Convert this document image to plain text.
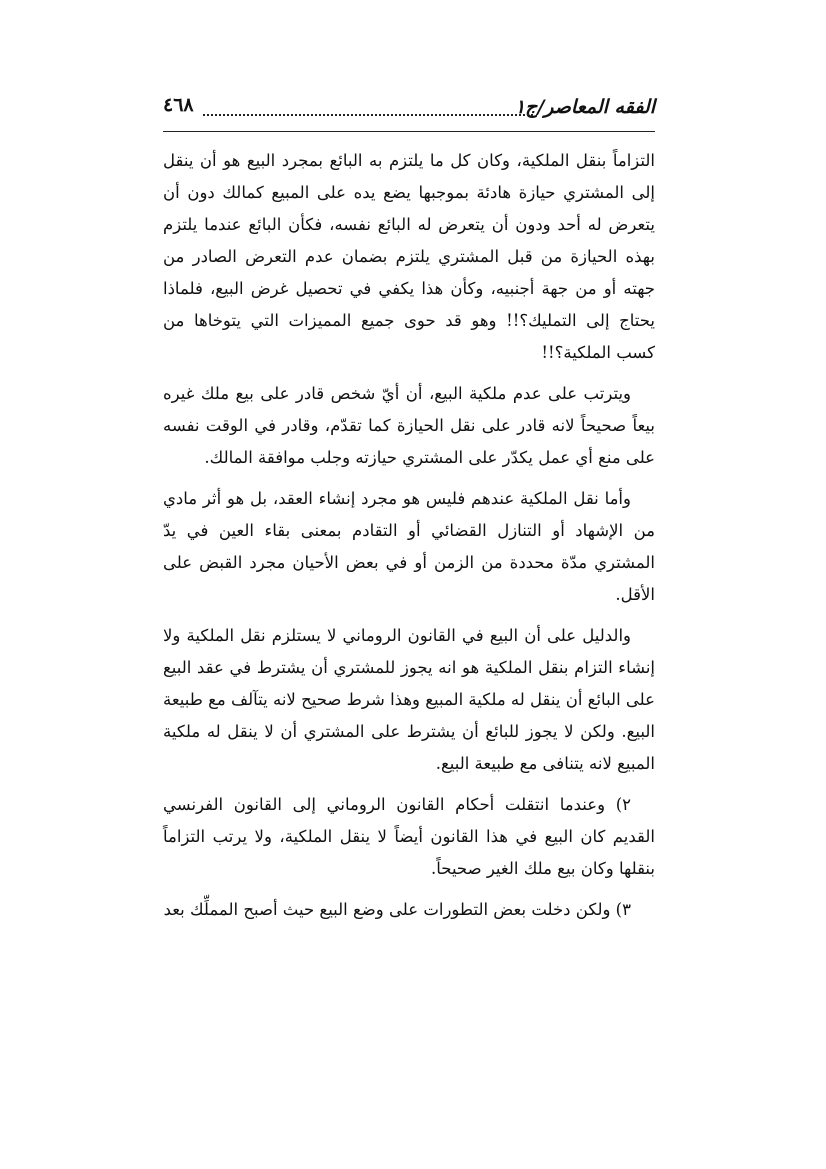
الفقه المعاصر/ج١
٤٦٨

التزاماً بنقل الملكية، وكان كل ما يلتزم به البائع بمجرد البيع هو أن ينقل إلى المشتري حيازة هادئة بموجبها يضع يده على المبيع كمالك دون أن يتعرض له أحد ودون أن يتعرض له البائع نفسه، فكأن البائع عندما يلتزم بهذه الحيازة من قبل المشتري يلتزم بضمان عدم التعرض الصادر من جهته أو من جهة أجنبيه، وكأن هذا يكفي في تحصيل غرض البيع، فلماذا يحتاج إلى التمليك؟!! وهو قد حوى جميع المميزات التي يتوخاها من كسب الملكية؟!!

ويترتب على عدم ملكية البيع، أن أيّ شخص قادر على بيع ملك غيره بيعاً صحيحاً لانه قادر على نقل الحيازة كما تقدّم، وقادر في الوقت نفسه على منع أي عمل يكدّر على المشتري حيازته وجلب موافقة المالك.

وأما نقل الملكية عندهم فليس هو مجرد إنشاء العقد، بل هو أثر مادي من الإشهاد أو التنازل القضائي أو التقادم بمعنى بقاء العين في يدّ المشتري مدّة محددة من الزمن أو في بعض الأحيان مجرد القبض على الأقل.

والدليل على أن البيع في القانون الروماني لا يستلزم نقل الملكية ولا إنشاء التزام بنقل الملكية هو انه يجوز للمشتري أن يشترط في عقد البيع على البائع أن ينقل له ملكية المبيع وهذا شرط صحيح لانه يتآلف مع طبيعة البيع. ولكن لا يجوز للبائع أن يشترط على المشتري أن لا ينقل له ملكية المبيع لانه يتنافى مع طبيعة البيع.

٢) وعندما انتقلت أحكام القانون الروماني إلى القانون الفرنسي القديم كان البيع في هذا القانون أيضاً لا ينقل الملكية، ولا يرتب التزاماً بنقلها وكان بيع ملك الغير صحيحاً.

٣) ولكن دخلت بعض التطورات على وضع البيع حيث أصبح المملِّك بعد
